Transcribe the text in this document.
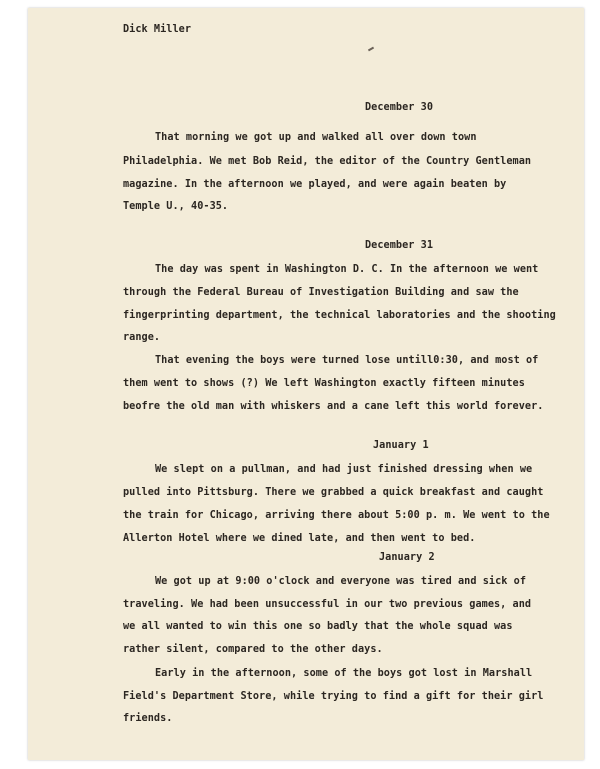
Dick Miller
December 30
That morning we got up and walked all over down town
Philadelphia. We met Bob Reid, the editor of the Country Gentleman
magazine. In the afternoon we played, and were again beaten by
Temple U., 40-35.
December 31
The day was spent in Washington D. C. In the afternoon we went
through the Federal Bureau of Investigation Building and saw the
fingerprinting department, the technical laboratories and the shooting
range.
That evening the boys were turned lose untill0:30, and most of
them went to shows (?) We left Washington exactly fifteen minutes
beofre the old man with whiskers and a cane left this world forever.
January 1
We slept on a pullman, and had just finished dressing when we
pulled into Pittsburg. There we grabbed a quick breakfast and caught
the train for Chicago, arriving there about 5:00 p. m. We went to the
Allerton Hotel where we dined late, and then went to bed.
January 2
We got up at 9:00 o'clock and everyone was tired and sick of
traveling. We had been unsuccessful in our two previous games, and
we all wanted to win this one so badly that the whole squad was
rather silent, compared to the other days.
Early in the afternoon, some of the boys got lost in Marshall
Field's Department Store, while trying to find a gift for their girl
friends.
